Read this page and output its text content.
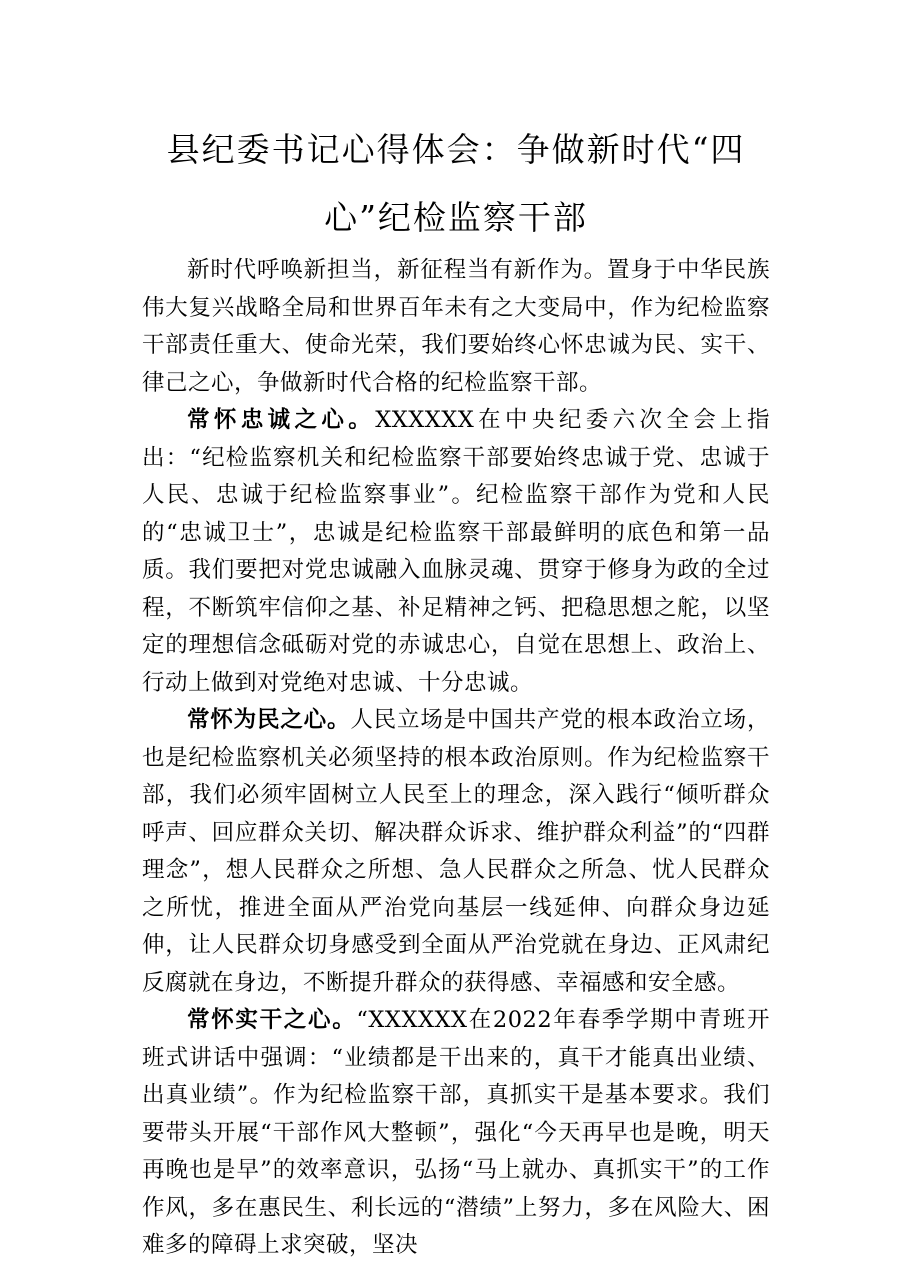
县纪委书记心得体会：争做新时代“四
心”纪检监察干部

新时代呼唤新担当，新征程当有新作为。置身于中华民族伟大复兴战略全局和世界百年未有之大变局中，作为纪检监察干部责任重大、使命光荣，我们要始终心怀忠诚为民、实干、律己之心，争做新时代合格的纪检监察干部。

常怀忠诚之心。XXXXXX在中央纪委六次全会上指出：“纪检监察机关和纪检监察干部要始终忠诚于党、忠诚于人民、忠诚于纪检监察事业”。纪检监察干部作为党和人民的“忠诚卫士”，忠诚是纪检监察干部最鲜明的底色和第一品质。我们要把对党忠诚融入血脉灵魂、贯穿于修身为政的全过程，不断筑牢信仰之基、补足精神之钙、把稳思想之舵，以坚定的理想信念砥砺对党的赤诚忠心，自觉在思想上、政治上、行动上做到对党绝对忠诚、十分忠诚。

常怀为民之心。人民立场是中国共产党的根本政治立场，也是纪检监察机关必须坚持的根本政治原则。作为纪检监察干部，我们必须牢固树立人民至上的理念，深入践行“倾听群众呼声、回应群众关切、解决群众诉求、维护群众利益”的“四群理念”，想人民群众之所想、急人民群众之所急、忧人民群众之所忧，推进全面从严治党向基层一线延伸、向群众身边延伸，让人民群众切身感受到全面从严治党就在身边、正风肃纪反腐就在身边，不断提升群众的获得感、幸福感和安全感。

常怀实干之心。“XXXXXX在2022年春季学期中青班开班式讲话中强调：“业绩都是干出来的，真干才能真出业绩、出真业绩”。作为纪检监察干部，真抓实干是基本要求。我们要带头开展“干部作风大整顿”，强化“今天再早也是晚，明天再晚也是早”的效率意识，弘扬“马上就办、真抓实干”的工作作风，多在惠民生、利长远的“潜绩”上努力，多在风险大、困难多的障碍上求突破，坚决
